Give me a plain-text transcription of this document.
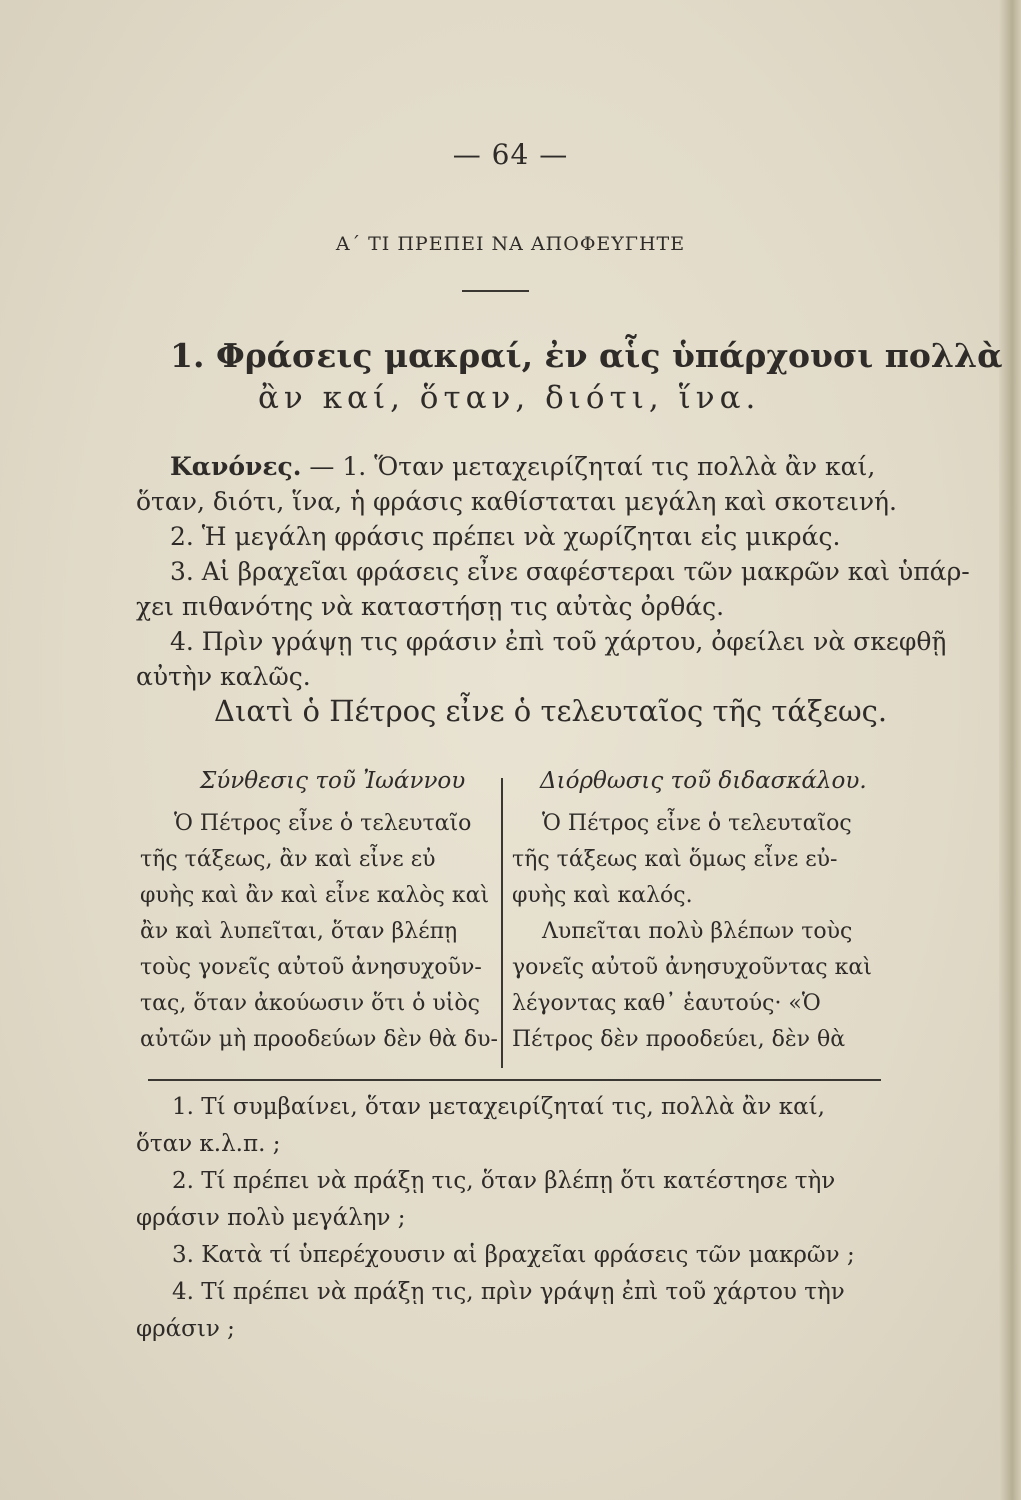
— 64 —
Α΄ ΤΙ ΠΡΕΠΕΙ ΝΑ ΑΠΟΦΕΥΓΗΤΕ
1. Φράσεις μακραί, ἐν αἷς ὑπάρχουσι πολλὰ
ἂν καί, ὅταν, διότι, ἵνα.
Κανόνες. — 1. Ὅταν μεταχειρίζηταί τις πολλὰ ἂν καί,
ὅταν, διότι, ἵνα, ἡ φράσις καθίσταται μεγάλη καὶ σκοτεινή.
2. Ἡ μεγάλη φράσις πρέπει νὰ χωρίζηται εἰς μικράς.
3. Αἱ βραχεῖαι φράσεις εἶνε σαφέστεραι τῶν μακρῶν καὶ ὑπάρ-
χει πιθανότης νὰ καταστήσῃ τις αὐτὰς ὀρθάς.
4. Πρὶν γράψῃ τις φράσιν ἐπὶ τοῦ χάρτου, ὀφείλει νὰ σκεφθῇ
αὐτὴν καλῶς.
Διατὶ ὁ Πέτρος εἶνε ὁ τελευταῖος τῆς τάξεως.
Σύνθεσις τοῦ Ἰωάννου	Διόρθωσις τοῦ διδασκάλου.
Ὁ Πέτρος εἶνε ὁ τελευταῖο
τῆς τάξεως, ἂν καὶ εἶνε εὐ
φυὴς καὶ ἂν καὶ εἶνε καλὸς καὶ
ἂν καὶ λυπεῖται, ὅταν βλέπῃ
τοὺς γονεῖς αὐτοῦ ἀνησυχοῦν-
τας, ὅταν ἀκούωσιν ὅτι ὁ υἱὸς
αὐτῶν μὴ προοδεύων δὲν θὰ δυ-
Ὁ Πέτρος εἶνε ὁ τελευταῖος
τῆς τάξεως καὶ ὅμως εἶνε εὐ-
φυὴς καὶ καλός.
Λυπεῖται πολὺ βλέπων τοὺς
γονεῖς αὐτοῦ ἀνησυχοῦντας καὶ
λέγοντας καθ᾿ ἑαυτούς· «Ὁ
Πέτρος δὲν προοδεύει, δὲν θὰ
1. Τί συμβαίνει, ὅταν μεταχειρίζηταί τις, πολλὰ ἂν καί,
ὅταν κ.λ.π. ;
2. Τί πρέπει νὰ πράξῃ τις, ὅταν βλέπῃ ὅτι κατέστησε τὴν
φράσιν πολὺ μεγάλην ;
3. Κατὰ τί ὑπερέχουσιν αἱ βραχεῖαι φράσεις τῶν μακρῶν ;
4. Τί πρέπει νὰ πράξῃ τις, πρὶν γράψῃ ἐπὶ τοῦ χάρτου τὴν
φράσιν ;
